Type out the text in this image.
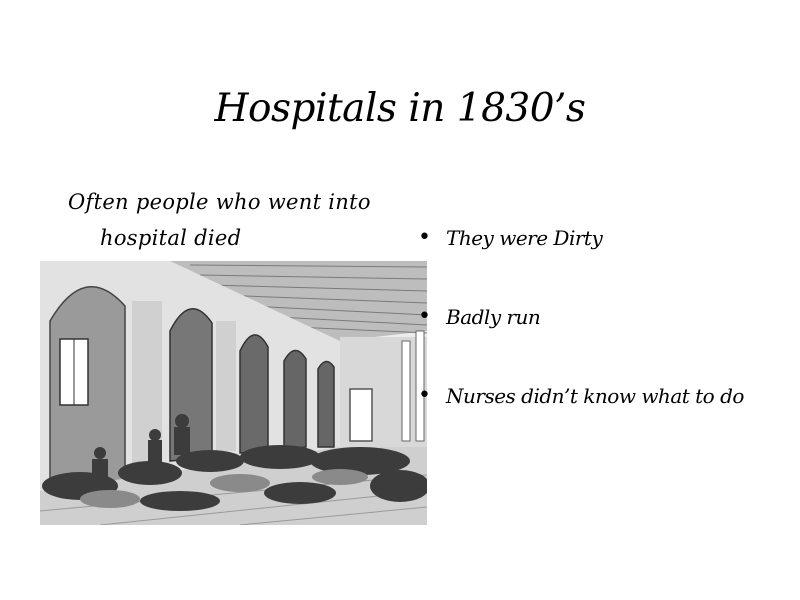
Hospitals in 1830’s
Often people who went into hospital died	• They were Dirty
• Badly run
• Nurses didn’t know what to do
